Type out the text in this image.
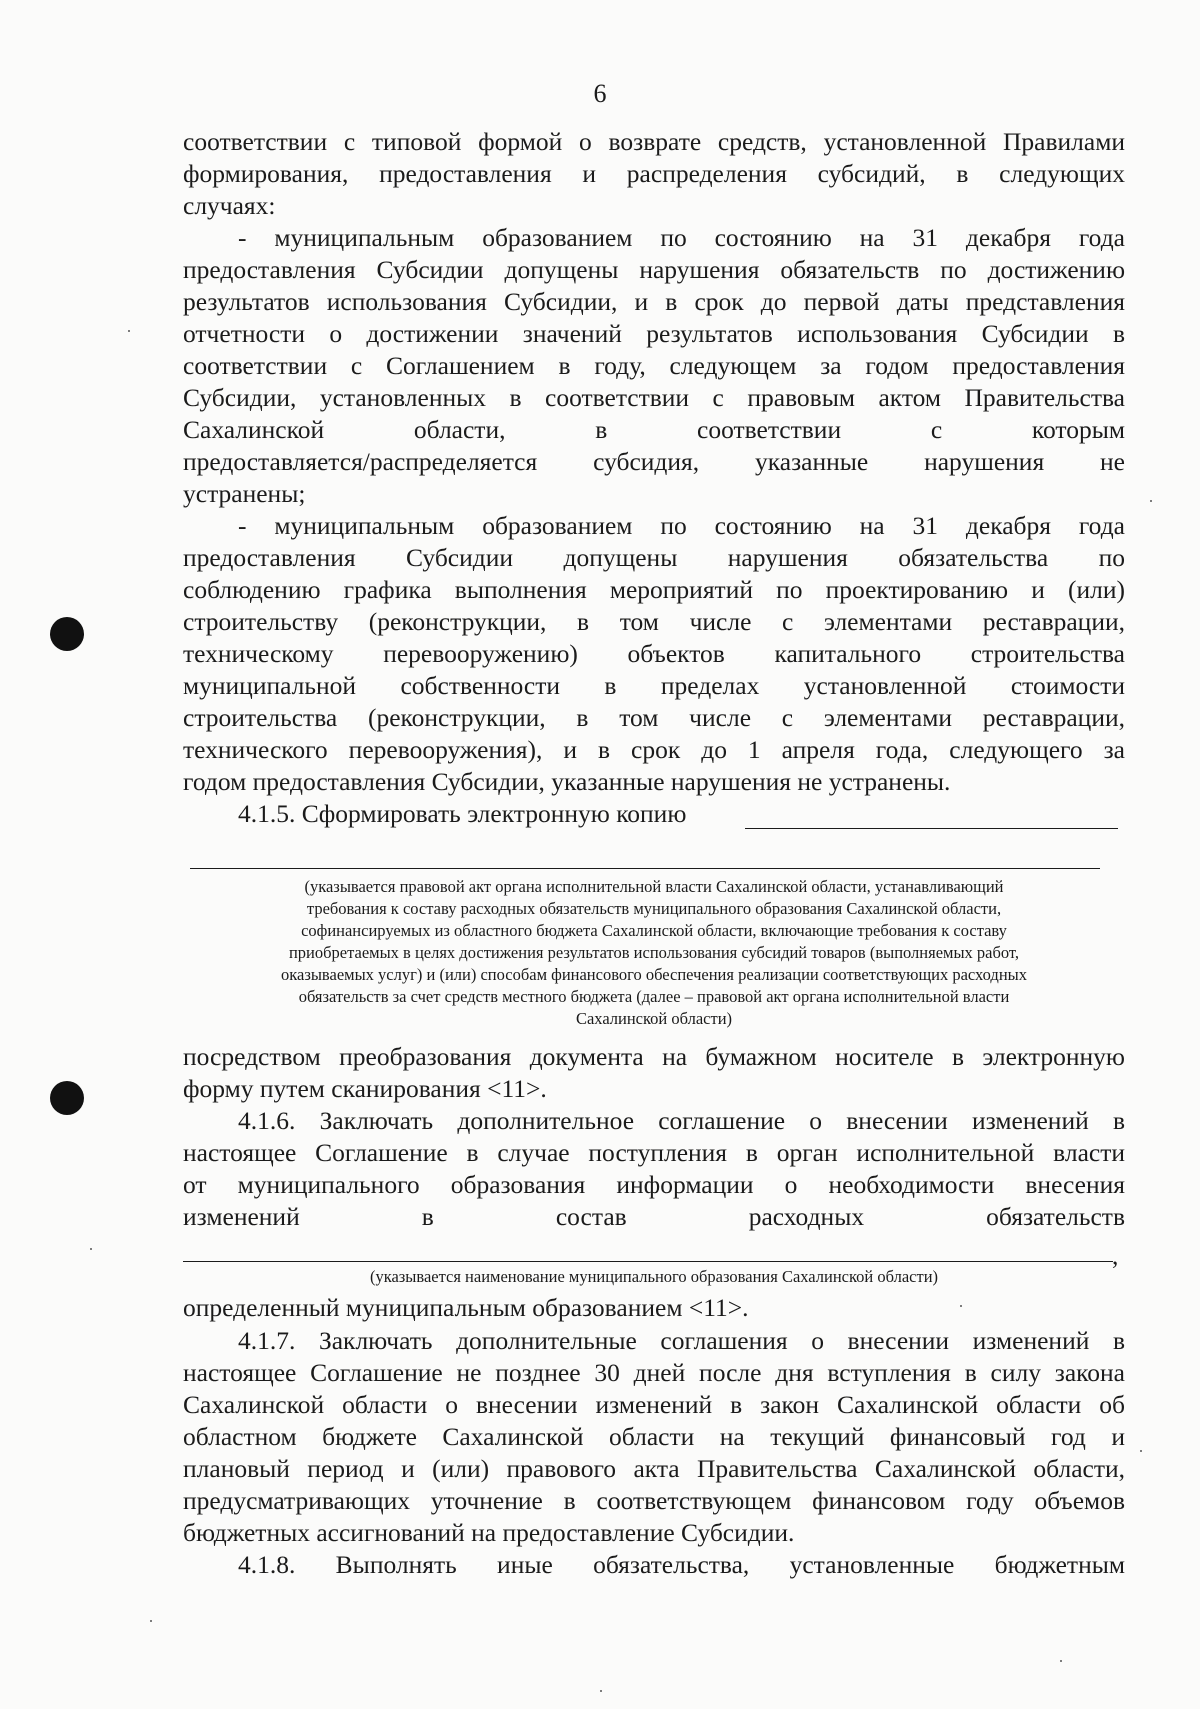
6
соответствии с типовой формой о возврате средств, установленной Правилами
формирования, предоставления и распределения субсидий, в следующих
случаях:
- муниципальным образованием по состоянию на 31 декабря года
предоставления Субсидии допущены нарушения обязательств по достижению
результатов использования Субсидии, и в срок до первой даты представления
отчетности о достижении значений результатов использования Субсидии в
соответствии с Соглашением в году, следующем за годом предоставления
Субсидии, установленных в соответствии с правовым актом Правительства
Сахалинской области, в соответствии с которым
предоставляется/распределяется субсидия, указанные нарушения не
устранены;
- муниципальным образованием по состоянию на 31 декабря года
предоставления Субсидии допущены нарушения обязательства по
соблюдению графика выполнения мероприятий по проектированию и (или)
строительству (реконструкции, в том числе с элементами реставрации,
техническому перевооружению) объектов капитального строительства
муниципальной собственности в пределах установленной стоимости
строительства (реконструкции, в том числе с элементами реставрации,
технического перевооружения), и в срок до 1 апреля года, следующего за
годом предоставления Субсидии, указанные нарушения не устранены.
4.1.5. Сформировать электронную копию
(указывается правовой акт органа исполнительной власти Сахалинской области, устанавливающий
требования к составу расходных обязательств муниципального образования Сахалинской области,
софинансируемых из областного бюджета Сахалинской области, включающие требования к составу
приобретаемых в целях достижения результатов использования субсидий товаров (выполняемых работ,
оказываемых услуг) и (или) способам финансового обеспечения реализации соответствующих расходных
обязательств за счет средств местного бюджета (далее – правовой акт органа исполнительной власти
Сахалинской области)
посредством преобразования документа на бумажном носителе в электронную
форму путем сканирования <11>.
4.1.6. Заключать дополнительное соглашение о внесении изменений в
настоящее Соглашение в случае поступления в орган исполнительной власти
от муниципального образования информации о необходимости внесения
изменений в состав расходных обязательств
,
(указывается наименование муниципального образования Сахалинской области)
определенный муниципальным образованием <11>.
4.1.7. Заключать дополнительные соглашения о внесении изменений в
настоящее Соглашение не позднее 30 дней после дня вступления в силу закона
Сахалинской области о внесении изменений в закон Сахалинской области об
областном бюджете Сахалинской области на текущий финансовый год и
плановый период и (или) правового акта Правительства Сахалинской области,
предусматривающих уточнение в соответствующем финансовом году объемов
бюджетных ассигнований на предоставление Субсидии.
4.1.8. Выполнять иные обязательства, установленные бюджетным
